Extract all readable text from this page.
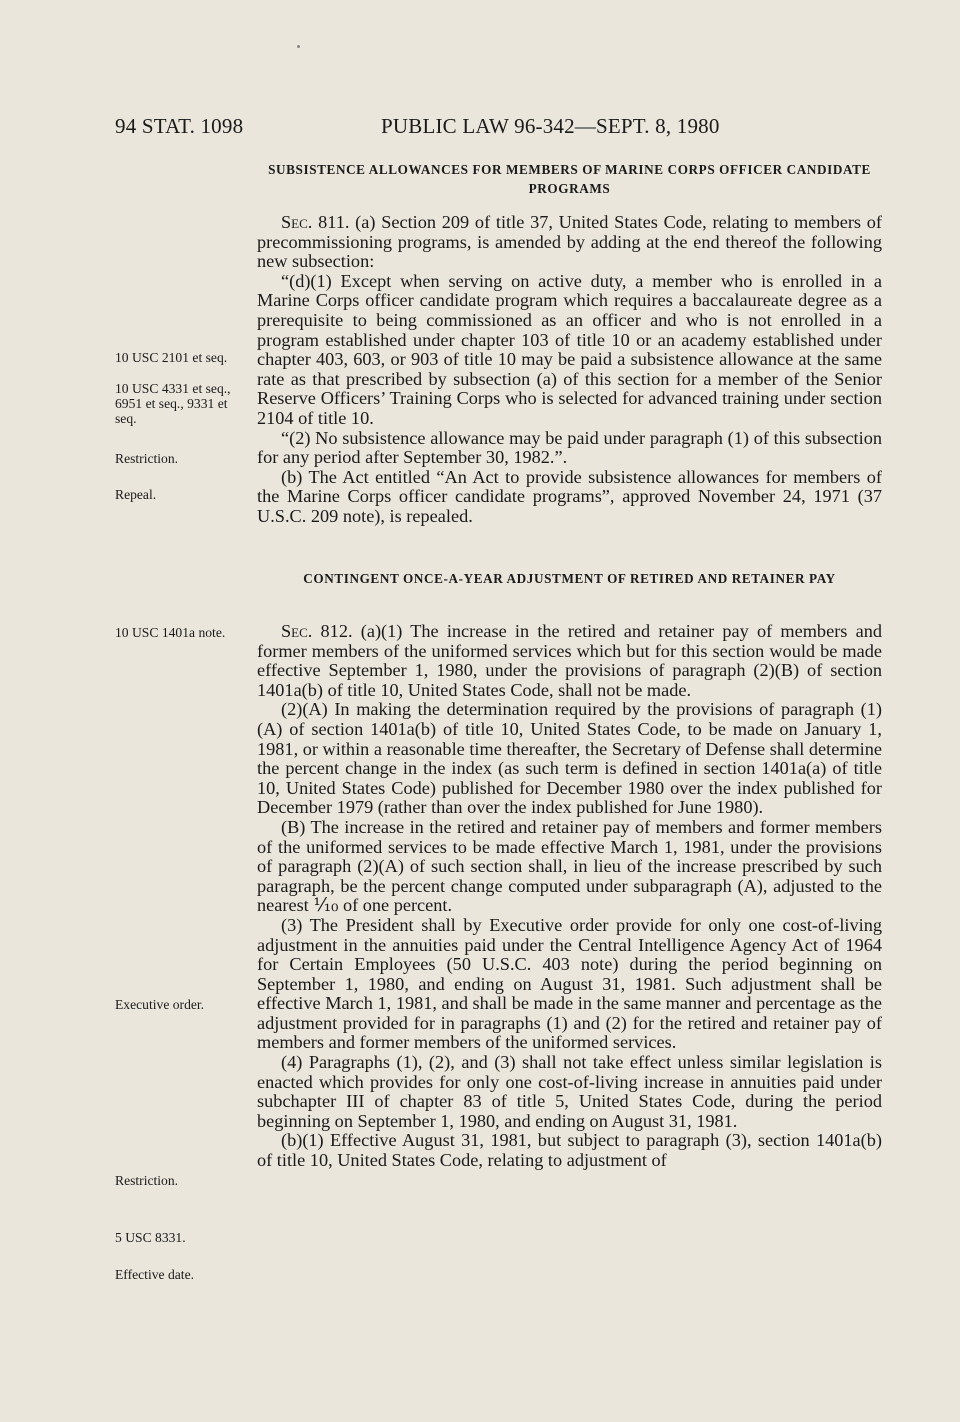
94 STAT. 1098	PUBLIC LAW 96-342—SEPT. 8, 1980
SUBSISTENCE ALLOWANCES FOR MEMBERS OF MARINE CORPS OFFICER CANDIDATE PROGRAMS

Sec. 811. (a) Section 209 of title 37, United States Code, relating to members of precommissioning programs, is amended by adding at the end thereof the following new subsection:

“(d)(1) Except when serving on active duty, a member who is enrolled in a Marine Corps officer candidate program which requires a baccalaureate degree as a prerequisite to being commissioned as an officer and who is not enrolled in a program established under chapter 103 of title 10 or an academy established under chapter 403, 603, or 903 of title 10 may be paid a subsistence allowance at the same rate as that prescribed by subsection (a) of this section for a member of the Senior Reserve Officers’ Training Corps who is selected for advanced training under section 2104 of title 10.

“(2) No subsistence allowance may be paid under paragraph (1) of this subsection for any period after September 30, 1982.”.

(b) The Act entitled “An Act to provide subsistence allowances for members of the Marine Corps officer candidate programs”, approved November 24, 1971 (37 U.S.C. 209 note), is repealed.

CONTINGENT ONCE-A-YEAR ADJUSTMENT OF RETIRED AND RETAINER PAY

Sec. 812. (a)(1) The increase in the retired and retainer pay of members and former members of the uniformed services which but for this section would be made effective September 1, 1980, under the provisions of paragraph (2)(B) of section 1401a(b) of title 10, United States Code, shall not be made.

(2)(A) In making the determination required by the provisions of paragraph (1)(A) of section 1401a(b) of title 10, United States Code, to be made on January 1, 1981, or within a reasonable time thereafter, the Secretary of Defense shall determine the percent change in the index (as such term is defined in section 1401a(a) of title 10, United States Code) published for December 1980 over the index published for December 1979 (rather than over the index published for June 1980).

(B) The increase in the retired and retainer pay of members and former members of the uniformed services to be made effective March 1, 1981, under the provisions of paragraph (2)(A) of such section shall, in lieu of the increase prescribed by such paragraph, be the percent change computed under subparagraph (A), adjusted to the nearest ⅒ of one percent.

(3) The President shall by Executive order provide for only one cost-of-living adjustment in the annuities paid under the Central Intelligence Agency Act of 1964 for Certain Employees (50 U.S.C. 403 note) during the period beginning on September 1, 1980, and ending on August 31, 1981. Such adjustment shall be effective March 1, 1981, and shall be made in the same manner and percentage as the adjustment provided for in paragraphs (1) and (2) for the retired and retainer pay of members and former members of the uniformed services.

(4) Paragraphs (1), (2), and (3) shall not take effect unless similar legislation is enacted which provides for only one cost-of-living increase in annuities paid under subchapter III of chapter 83 of title 5, United States Code, during the period beginning on September 1, 1980, and ending on August 31, 1981.

(b)(1) Effective August 31, 1981, but subject to paragraph (3), section 1401a(b) of title 10, United States Code, relating to adjustment of

10 USC 2101 et seq.
10 USC 4331 et seq., 6951 et seq., 9331 et seq.
Restriction.
Repeal.
10 USC 1401a note.
Executive order.
Restriction.
5 USC 8331.
Effective date.
